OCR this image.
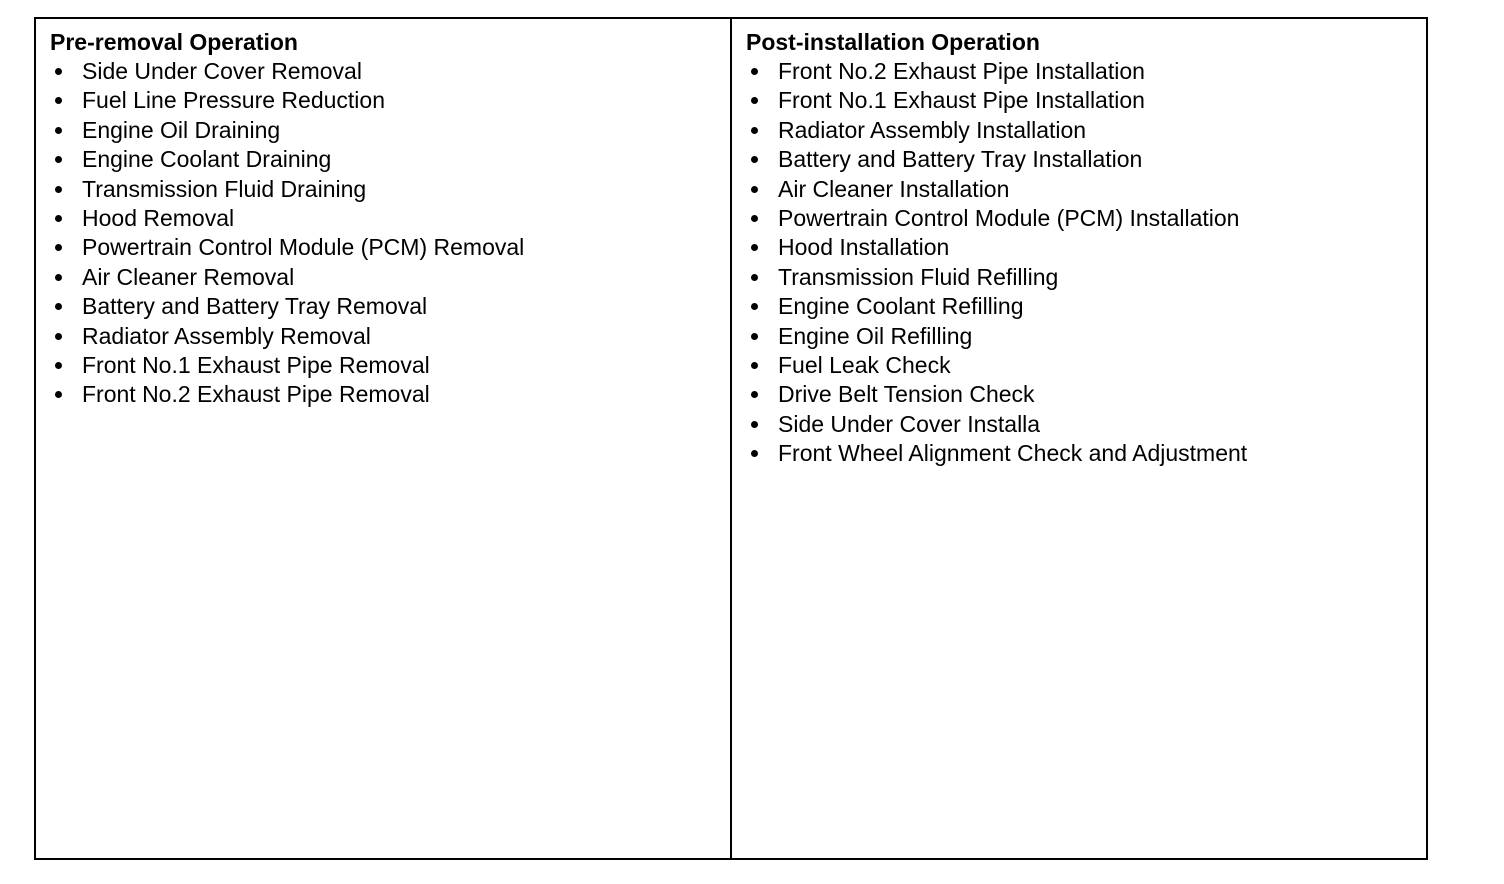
Pre-removal Operation
Side Under Cover Removal
Fuel Line Pressure Reduction
Engine Oil Draining
Engine Coolant Draining
Transmission Fluid Draining
Hood Removal
Powertrain Control Module (PCM) Removal
Air Cleaner Removal
Battery and Battery Tray Removal
Radiator Assembly Removal
Front No.1 Exhaust Pipe Removal
Front No.2 Exhaust Pipe Removal
Post-installation Operation
Front No.2 Exhaust Pipe Installation
Front No.1 Exhaust Pipe Installation
Radiator Assembly Installation
Battery and Battery Tray Installation
Air Cleaner Installation
Powertrain Control Module (PCM) Installation
Hood Installation
Transmission Fluid Refilling
Engine Coolant Refilling
Engine Oil Refilling
Fuel Leak Check
Drive Belt Tension Check
Side Under Cover Installa
Front Wheel Alignment Check and Adjustment
